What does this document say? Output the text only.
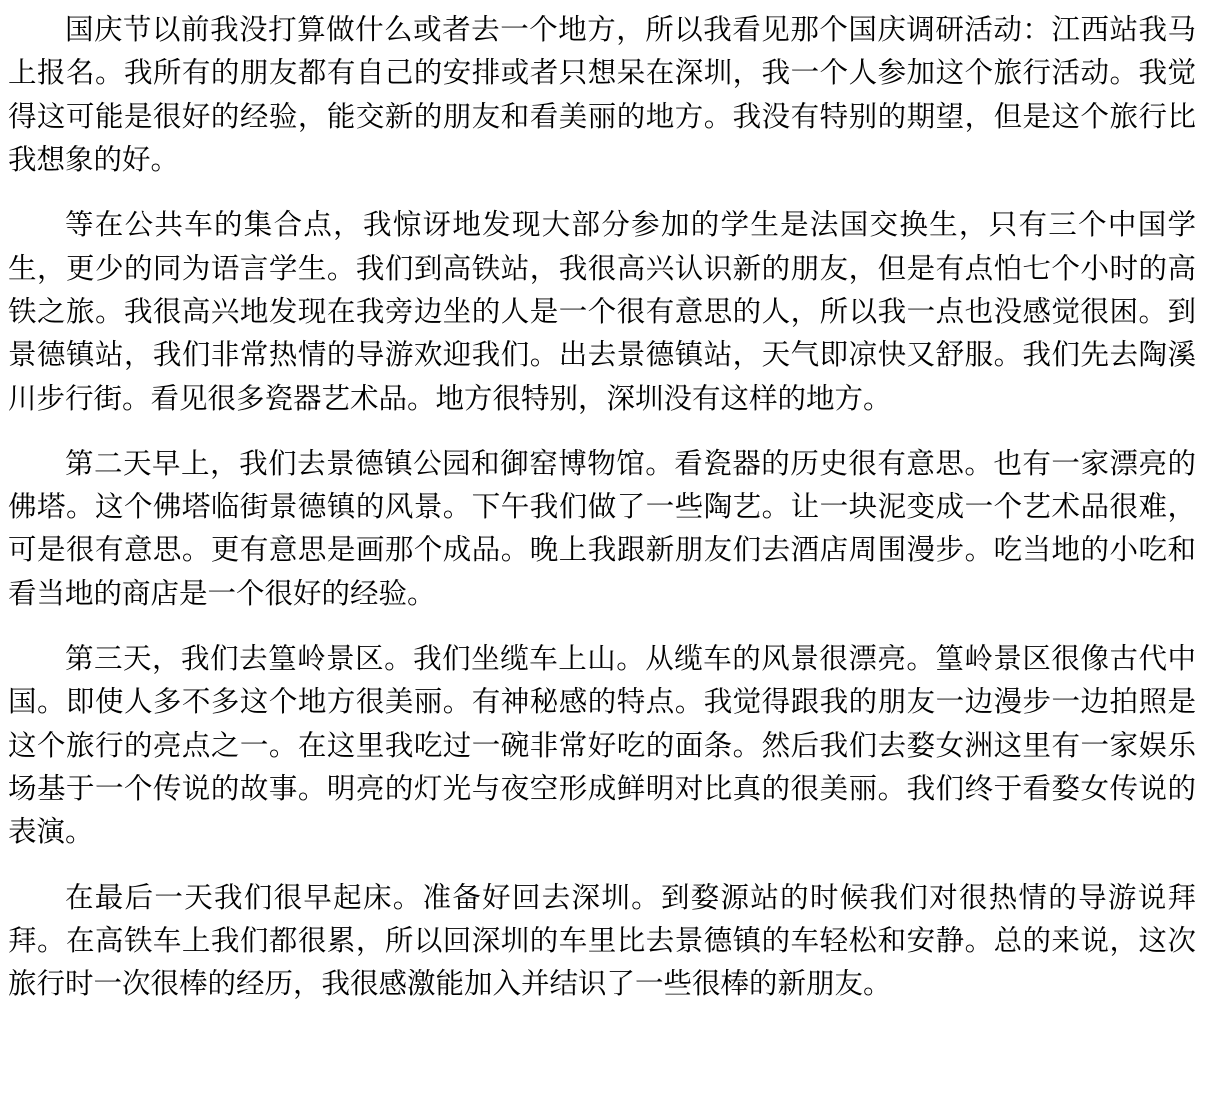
国庆节以前我没打算做什么或者去一个地方，所以我看见那个国庆调研活动：江西站我马上报名。我所有的朋友都有自己的安排或者只想呆在深圳，我一个人参加这个旅行活动。我觉得这可能是很好的经验，能交新的朋友和看美丽的地方。我没有特别的期望，但是这个旅行比我想象的好。

等在公共车的集合点，我惊讶地发现大部分参加的学生是法国交换生，只有三个中国学生，更少的同为语言学生。我们到高铁站，我很高兴认识新的朋友，但是有点怕七个小时的高铁之旅。我很高兴地发现在我旁边坐的人是一个很有意思的人，所以我一点也没感觉很困。到景德镇站，我们非常热情的导游欢迎我们。出去景德镇站，天气即凉快又舒服。我们先去陶溪川步行街。看见很多瓷器艺术品。地方很特别，深圳没有这样的地方。

第二天早上，我们去景德镇公园和御窑博物馆。看瓷器的历史很有意思。也有一家漂亮的佛塔。这个佛塔临街景德镇的风景。下午我们做了一些陶艺。让一块泥变成一个艺术品很难，可是很有意思。更有意思是画那个成品。晚上我跟新朋友们去酒店周围漫步。吃当地的小吃和看当地的商店是一个很好的经验。

第三天，我们去篁岭景区。我们坐缆车上山。从缆车的风景很漂亮。篁岭景区很像古代中国。即使人多不多这个地方很美丽。有神秘感的特点。我觉得跟我的朋友一边漫步一边拍照是这个旅行的亮点之一。在这里我吃过一碗非常好吃的面条。然后我们去婺女洲这里有一家娱乐场基于一个传说的故事。明亮的灯光与夜空形成鲜明对比真的很美丽。我们终于看婺女传说的表演。

在最后一天我们很早起床。准备好回去深圳。到婺源站的时候我们对很热情的导游说拜拜。在高铁车上我们都很累，所以回深圳的车里比去景德镇的车轻松和安静。总的来说，这次旅行时一次很棒的经历，我很感激能加入并结识了一些很棒的新朋友。
